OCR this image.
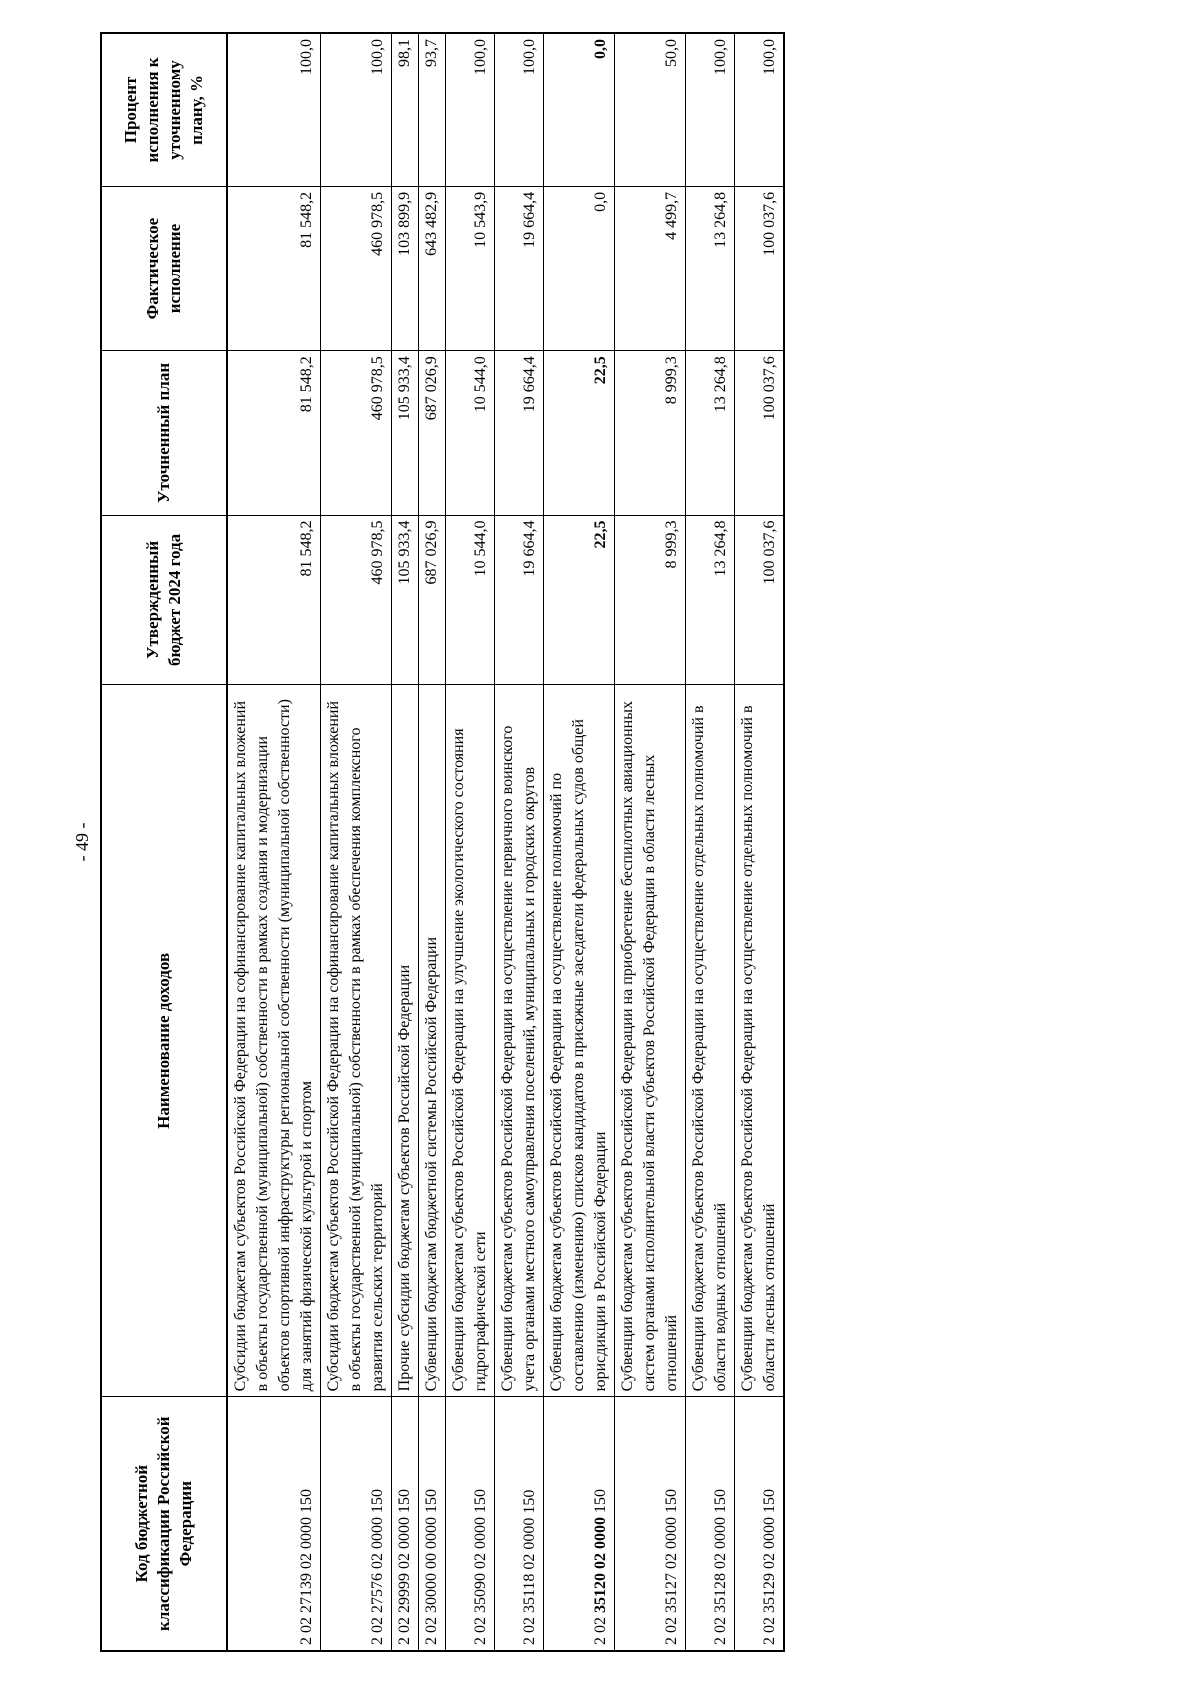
- 49 -
Код бюджетной классификации Российской Федерации	Наименование доходов	Утвержденный бюджет 2024 года	Уточненный план	Фактическое исполнение	Процент исполнения к уточненному плану, %
2 02 27139 02 0000 150	Субсидии бюджетам субъектов Российской Федерации на софинансирование капитальных вложений в объекты государственной (муниципальной) собственности в рамках создания и модернизации объектов спортивной инфраструктуры региональной собственности (муниципальной собственности) для занятий физической культурой и спортом	81 548,2	81 548,2	81 548,2	100,0
2 02 27576 02 0000 150	Субсидии бюджетам субъектов Российской Федерации на софинансирование капитальных вложений в объекты государственной (муниципальной) собственности в рамках обеспечения комплексного развития сельских территорий	460 978,5	460 978,5	460 978,5	100,0
2 02 29999 02 0000 150	Прочие субсидии бюджетам субъектов Российской Федерации	105 933,4	105 933,4	103 899,9	98,1
2 02 30000 00 0000 150	Субвенции бюджетам бюджетной системы Российской Федерации	687 026,9	687 026,9	643 482,9	93,7
2 02 35090 02 0000 150	Субвенции бюджетам субъектов Российской Федерации на улучшение экологического состояния гидрографической сети	10 544,0	10 544,0	10 543,9	100,0
2 02 35118 02 0000 150	Субвенции бюджетам субъектов Российской Федерации на осуществление первичного воинского учета органами местного самоуправления поселений, муниципальных и городских округов	19 664,4	19 664,4	19 664,4	100,0
2 02 35120 02 0000 150	Субвенции бюджетам субъектов Российской Федерации на осуществление полномочий по составлению (изменению) списков кандидатов в присяжные заседатели федеральных судов общей юрисдикции в Российской Федерации	22,5	22,5	0,0	0,0
2 02 35127 02 0000 150	Субвенции бюджетам субъектов Российской Федерации на приобретение беспилотных авиационных систем органами исполнительной власти субъектов Российской Федерации в области лесных отношений	8 999,3	8 999,3	4 499,7	50,0
2 02 35128 02 0000 150	Субвенции бюджетам субъектов Российской Федерации на осуществление отдельных полномочий в области водных отношений	13 264,8	13 264,8	13 264,8	100,0
2 02 35129 02 0000 150	Субвенции бюджетам субъектов Российской Федерации на осуществление отдельных полномочий в области лесных отношений	100 037,6	100 037,6	100 037,6	100,0
